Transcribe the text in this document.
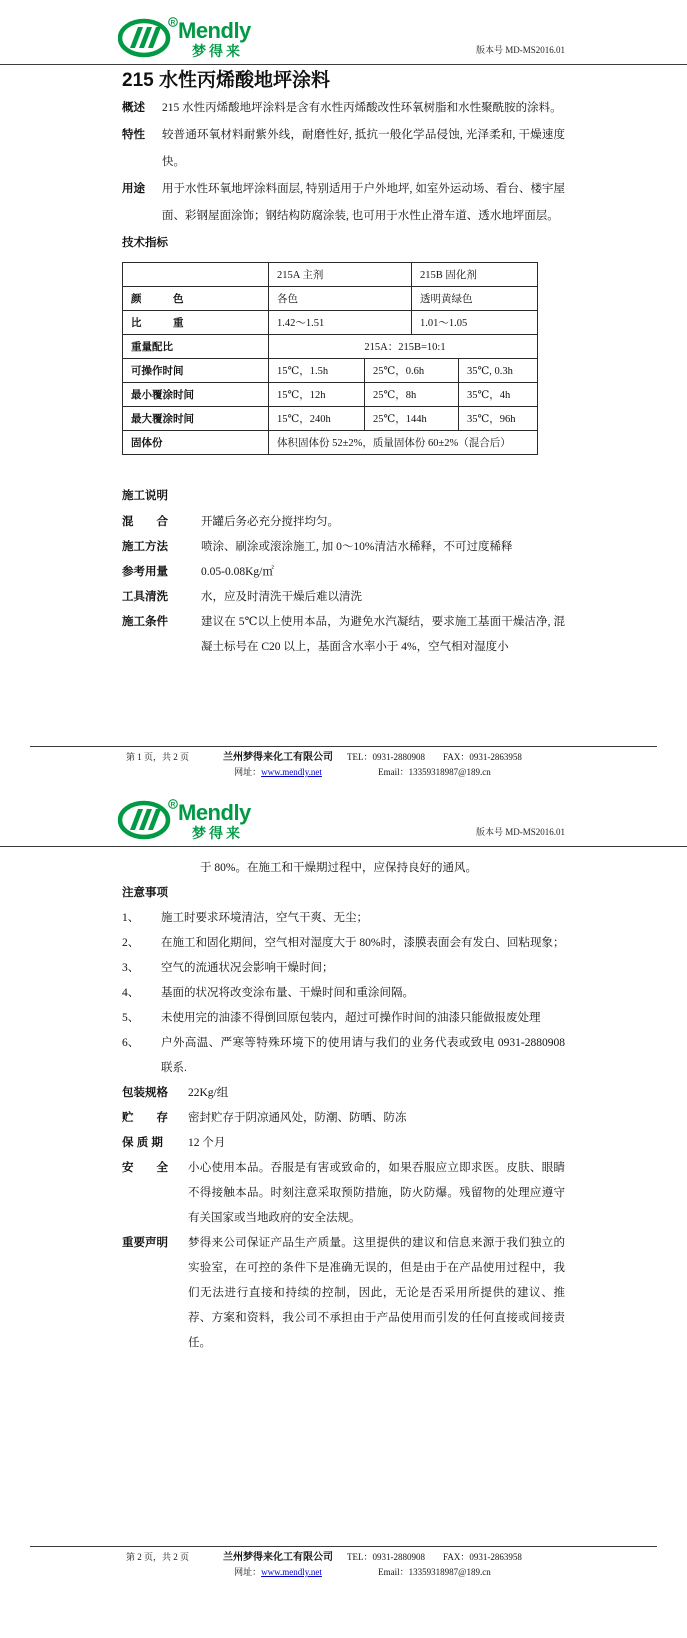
R Mendly
梦得来	版本号 MD-MS2016.01
215 水性丙烯酸地坪涂料
概述	215 水性丙烯酸地坪涂料是含有水性丙烯酸改性环氧树脂和水性聚酰胺的涂料。
特性	较普通环氧材料耐紫外线，耐磨性好, 抵抗一般化学品侵蚀, 光泽柔和, 干燥速度快。
用途	用于水性环氧地坪涂料面层, 特别适用于户外地坪, 如室外运动场、看台、楼宇屋面、彩钢屋面涂饰；钢结构防腐涂装, 也可用于水性止滑车道、透水地坪面层。
技术指标
	215A 主剂		215B 固化剂	
颜　　　色	各色		透明黄绿色	
比　　　重	1.42～1.51		1.01～1.05	
重量配比	215A：215B=10:1			
可操作时间	15℃，1.5h	25℃，0.6h		35℃, 0.3h
最小覆涂时间	15℃，12h	25℃，8h		35℃，4h
最大覆涂时间	15℃，240h	25℃，144h		35℃，96h
固体份	体积固体份 52±2%，质量固体份 60±2%（混合后）			
施工说明
混　　合	开罐后务必充分搅拌均匀。
施工方法	喷涂、刷涂或滚涂施工, 加 0～10%清洁水稀释，不可过度稀释
参考用量	0.05-0.08Kg/㎡
工具清洗	水，应及时清洗干燥后难以清洗
施工条件	建议在 5℃以上使用本品，为避免水汽凝结，要求施工基面干燥洁净, 混凝土标号在 C20 以上，基面含水率小于 4%，空气相对湿度小
第 1 页，共 2 页	兰州梦得来化工有限公司
网址：www.mendly.net
TEL：0931-2880908 FAX：0931-2863958
Email：13359318987@189.cn
R Mendly
梦得来	版本号 MD-MS2016.01

于 80%。在施工和干燥期过程中，应保持良好的通风。

注意事项
1、	施工时要求环境清洁，空气干爽、无尘；
2、	在施工和固化期间，空气相对湿度大于 80%时，漆膜表面会有发白、回粘现象；
3、	空气的流通状况会影响干燥时间；
4、	基面的状况将改变涂布量、干燥时间和重涂间隔。
5、	未使用完的油漆不得倒回原包装内，超过可操作时间的油漆只能做报废处理
6、	户外高温、严寒等特殊环境下的使用请与我们的业务代表或致电 0931-2880908 联系.
包装规格	22Kg/组
贮　　存	密封贮存于阴凉通风处，防潮、防晒、防冻
保 质 期	12 个月
安　　全	小心使用本品。吞服是有害或致命的，如果吞服应立即求医。皮肤、眼睛不得接触本品。时刻注意采取预防措施，防火防爆。残留物的处理应遵守有关国家或当地政府的安全法规。
重要声明	梦得来公司保证产品生产质量。这里提供的建议和信息来源于我们独立的实验室，在可控的条件下是准确无误的，但是由于在产品使用过程中，我们无法进行直接和持续的控制，因此，无论是否采用所提供的建议、推荐、方案和资料，我公司不承担由于产品使用而引发的任何直接或间接责任。
第 2 页，共 2 页	兰州梦得来化工有限公司
网址：www.mendly.net
TEL：0931-2880908 FAX：0931-2863958
Email：13359318987@189.cn
